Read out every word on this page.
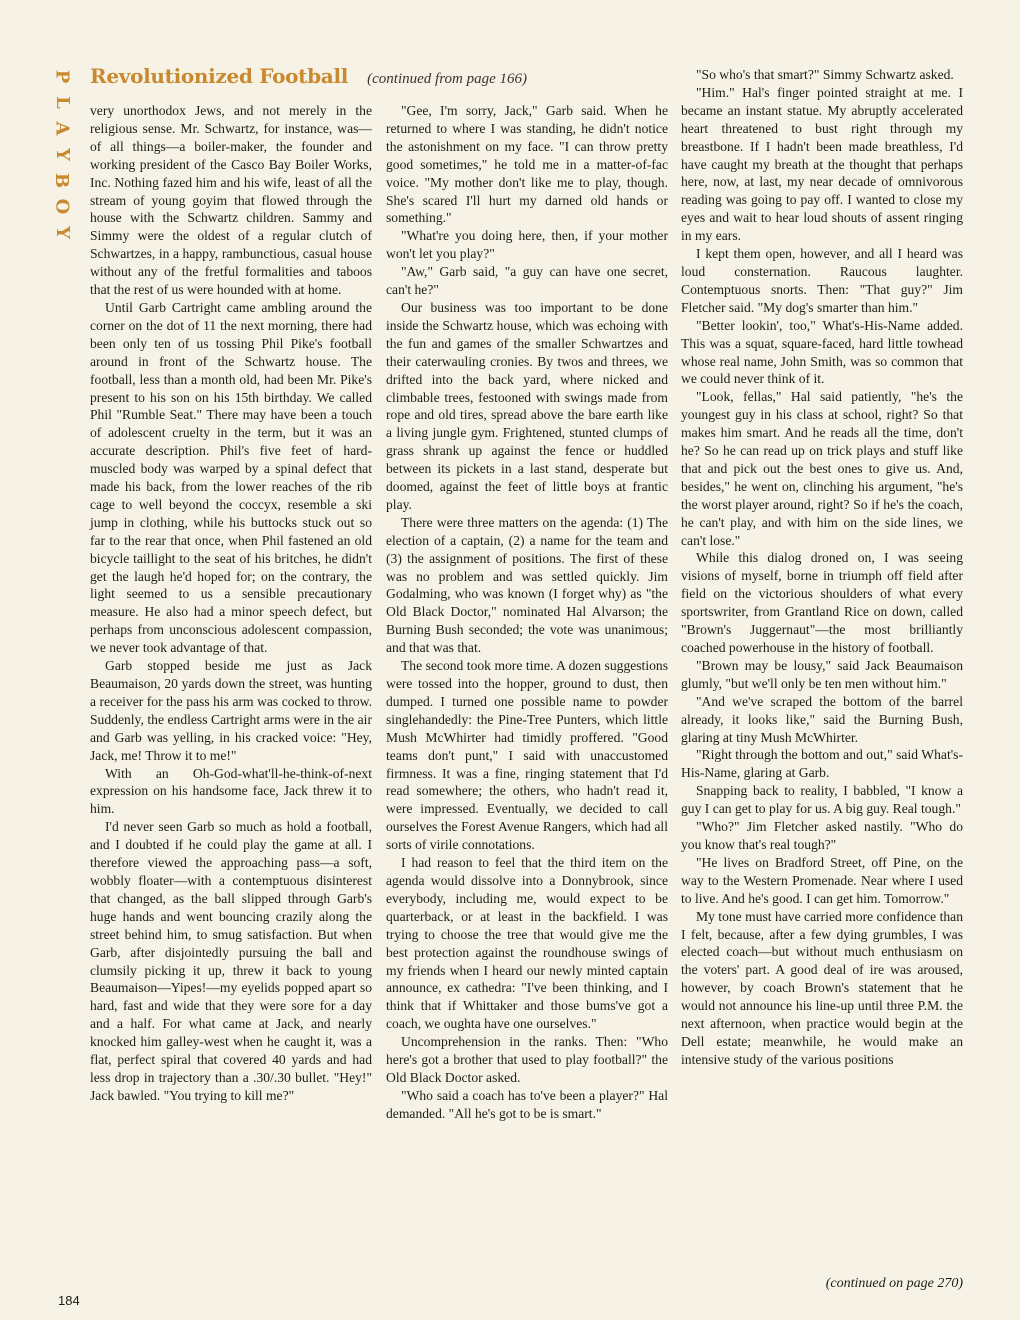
P
L
A
Y
B
O
Y
Revolutionized Football (continued from page 166)

very unorthodox Jews, and not merely in the religious sense. Mr. Schwartz, for instance, was—of all things—a boiler-maker, the founder and working president of the Casco Bay Boiler Works, Inc. Nothing fazed him and his wife, least of all the stream of young goyim that flowed through the house with the Schwartz children. Sammy and Simmy were the oldest of a regular clutch of Schwartzes, in a happy, rambunctious, casual house without any of the fretful formalities and taboos that the rest of us were hounded with at home.

Until Garb Cartright came ambling around the corner on the dot of 11 the next morning, there had been only ten of us tossing Phil Pike's football around in front of the Schwartz house. The football, less than a month old, had been Mr. Pike's present to his son on his 15th birthday. We called Phil "Rumble Seat." There may have been a touch of adolescent cruelty in the term, but it was an accurate description. Phil's five feet of hard-muscled body was warped by a spinal defect that made his back, from the lower reaches of the rib cage to well beyond the coccyx, resemble a ski jump in clothing, while his buttocks stuck out so far to the rear that once, when Phil fastened an old bicycle taillight to the seat of his britches, he didn't get the laugh he'd hoped for; on the contrary, the light seemed to us a sensible precautionary measure. He also had a minor speech defect, but perhaps from unconscious adolescent compassion, we never took advantage of that.

Garb stopped beside me just as Jack Beaumaison, 20 yards down the street, was hunting a receiver for the pass his arm was cocked to throw. Suddenly, the endless Cartright arms were in the air and Garb was yelling, in his cracked voice: "Hey, Jack, me! Throw it to me!"

With an Oh-God-what'll-he-think-of-next expression on his handsome face, Jack threw it to him.

I'd never seen Garb so much as hold a football, and I doubted if he could play the game at all. I therefore viewed the approaching pass—a soft, wobbly floater—with a contemptuous disinterest that changed, as the ball slipped through Garb's huge hands and went bouncing crazily along the street behind him, to smug satisfaction. But when Garb, after disjointedly pursuing the ball and clumsily picking it up, threw it back to young Beaumaison—Yipes!—my eyelids popped apart so hard, fast and wide that they were sore for a day and a half. For what came at Jack, and nearly knocked him galley-west when he caught it, was a flat, perfect spiral that covered 40 yards and had less drop in trajectory than a .30/.30 bullet. "Hey!" Jack bawled. "You trying to kill me?"

"Gee, I'm sorry, Jack," Garb said. When he returned to where I was standing, he didn't notice the astonishment on my face. "I can throw pretty good sometimes," he told me in a matter-of-fac voice. "My mother don't like me to play, though. She's scared I'll hurt my darned old hands or something."

"What're you doing here, then, if your mother won't let you play?"

"Aw," Garb said, "a guy can have one secret, can't he?"

Our business was too important to be done inside the Schwartz house, which was echoing with the fun and games of the smaller Schwartzes and their caterwauling cronies. By twos and threes, we drifted into the back yard, where nicked and climbable trees, festooned with swings made from rope and old tires, spread above the bare earth like a living jungle gym. Frightened, stunted clumps of grass shrank up against the fence or huddled between its pickets in a last stand, desperate but doomed, against the feet of little boys at frantic play.

There were three matters on the agenda: (1) The election of a captain, (2) a name for the team and (3) the assignment of positions. The first of these was no problem and was settled quickly. Jim Godalming, who was known (I forget why) as "the Old Black Doctor," nominated Hal Alvarson; the Burning Bush seconded; the vote was unanimous; and that was that.

The second took more time. A dozen suggestions were tossed into the hopper, ground to dust, then dumped. I turned one possible name to powder singlehandedly: the Pine-Tree Punters, which little Mush McWhirter had timidly proffered. "Good teams don't punt," I said with unaccustomed firmness. It was a fine, ringing statement that I'd read somewhere; the others, who hadn't read it, were impressed. Eventually, we decided to call ourselves the Forest Avenue Rangers, which had all sorts of virile connotations.

I had reason to feel that the third item on the agenda would dissolve into a Donnybrook, since everybody, including me, would expect to be quarterback, or at least in the backfield. I was trying to choose the tree that would give me the best protection against the roundhouse swings of my friends when I heard our newly minted captain announce, ex cathedra: "I've been thinking, and I think that if Whittaker and those bums've got a coach, we oughta have one ourselves."

Uncomprehension in the ranks. Then: "Who here's got a brother that used to play football?" the Old Black Doctor asked.

"Who said a coach has to've been a player?" Hal demanded. "All he's got to be is smart."

"So who's that smart?" Simmy Schwartz asked.

"Him." Hal's finger pointed straight at me. I became an instant statue. My abruptly accelerated heart threatened to bust right through my breastbone. If I hadn't been made breathless, I'd have caught my breath at the thought that perhaps here, now, at last, my near decade of omnivorous reading was going to pay off. I wanted to close my eyes and wait to hear loud shouts of assent ringing in my ears.

I kept them open, however, and all I heard was loud consternation. Raucous laughter. Contemptuous snorts. Then: "That guy?" Jim Fletcher said. "My dog's smarter than him."

"Better lookin', too," What's-His-Name added. This was a squat, square-faced, hard little towhead whose real name, John Smith, was so common that we could never think of it.

"Look, fellas," Hal said patiently, "he's the youngest guy in his class at school, right? So that makes him smart. And he reads all the time, don't he? So he can read up on trick plays and stuff like that and pick out the best ones to give us. And, besides," he went on, clinching his argument, "he's the worst player around, right? So if he's the coach, he can't play, and with him on the side lines, we can't lose."

While this dialog droned on, I was seeing visions of myself, borne in triumph off field after field on the victorious shoulders of what every sportswriter, from Grantland Rice on down, called "Brown's Juggernaut"—the most brilliantly coached powerhouse in the history of football.

"Brown may be lousy," said Jack Beaumaison glumly, "but we'll only be ten men without him."

"And we've scraped the bottom of the barrel already, it looks like," said the Burning Bush, glaring at tiny Mush McWhirter.

"Right through the bottom and out," said What's-His-Name, glaring at Garb.

Snapping back to reality, I babbled, "I know a guy I can get to play for us. A big guy. Real tough."

"Who?" Jim Fletcher asked nastily. "Who do you know that's real tough?"

"He lives on Bradford Street, off Pine, on the way to the Western Promenade. Near where I used to live. And he's good. I can get him. Tomorrow."

My tone must have carried more confidence than I felt, because, after a few dying grumbles, I was elected coach—but without much enthusiasm on the voters' part. A good deal of ire was aroused, however, by coach Brown's statement that he would not announce his line-up until three P.M. the next afternoon, when practice would begin at the Dell estate; meanwhile, he would make an intensive study of the various positions

184
(continued on page 270)
